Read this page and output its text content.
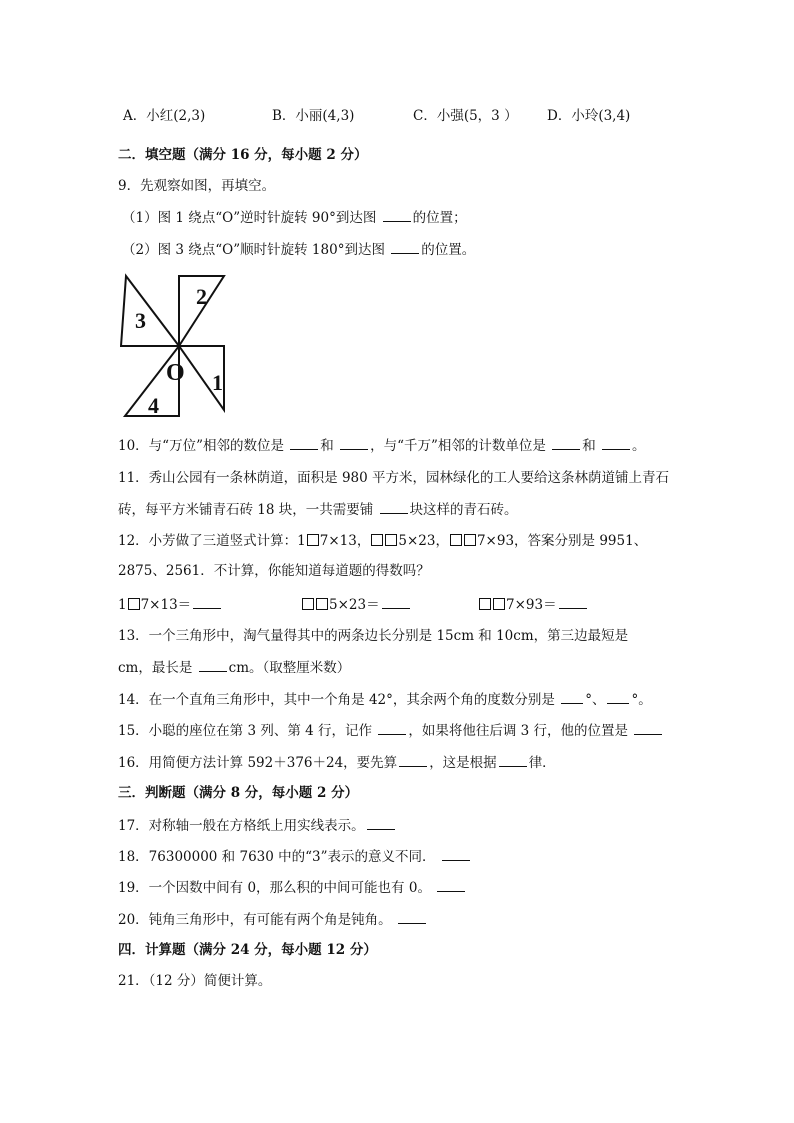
A．小红(2,3)	B．小丽(4,3)	C．小强(5，3 ） D．小玲(3,4)
二．填空题（满分 16 分，每小题 2 分）
9．先观察如图，再填空。
（1）图 1 绕点“O”逆时针旋转 90°到达图	的位置；
（2）图 3 绕点“O”顺时针旋转 180°到达图	的位置。
3
2
1
4
O
10．与“万位”相邻的数位是	和	，与“千万”相邻的计数单位是	和	。
11．秀山公园有一条林荫道，面积是 980 平方米，园林绿化的工人要给这条林荫道铺上青石
砖，每平方米铺青石砖 18 块，一共需要铺	块这样的青石砖。
12．小芳做了三道竖式计算：1 7×13， 5×23， 7×93，答案分别是 9951、
2875、2561．不计算，你能知道每道题的得数吗？
1 7×13＝	5×23＝	7×93＝
13．一个三角形中，淘气量得其中的两条边长分别是 15cm 和 10cm，第三边最短是
cm，最长是	cm。（取整厘米数）
14．在一个直角三角形中，其中一个角是 42°，其余两个角的度数分别是 °、 °。
15．小聪的座位在第 3 列、第 4 行，记作	，如果将他往后调 3 行，他的位置是
16．用简便方法计算 592＋376＋24，要先算 ，这是根据 律．
三．判断题（满分 8 分，每小题 2 分）
17．对称轴一般在方格纸上用实线表示。
18．76300000 和 7630 中的“3”表示的意义不同．
19．一个因数中间有 0，那么积的中间可能也有 0。
20．钝角三角形中，有可能有两个角是钝角。
四．计算题（满分 24 分，每小题 12 分）
21．（12 分）简便计算。
